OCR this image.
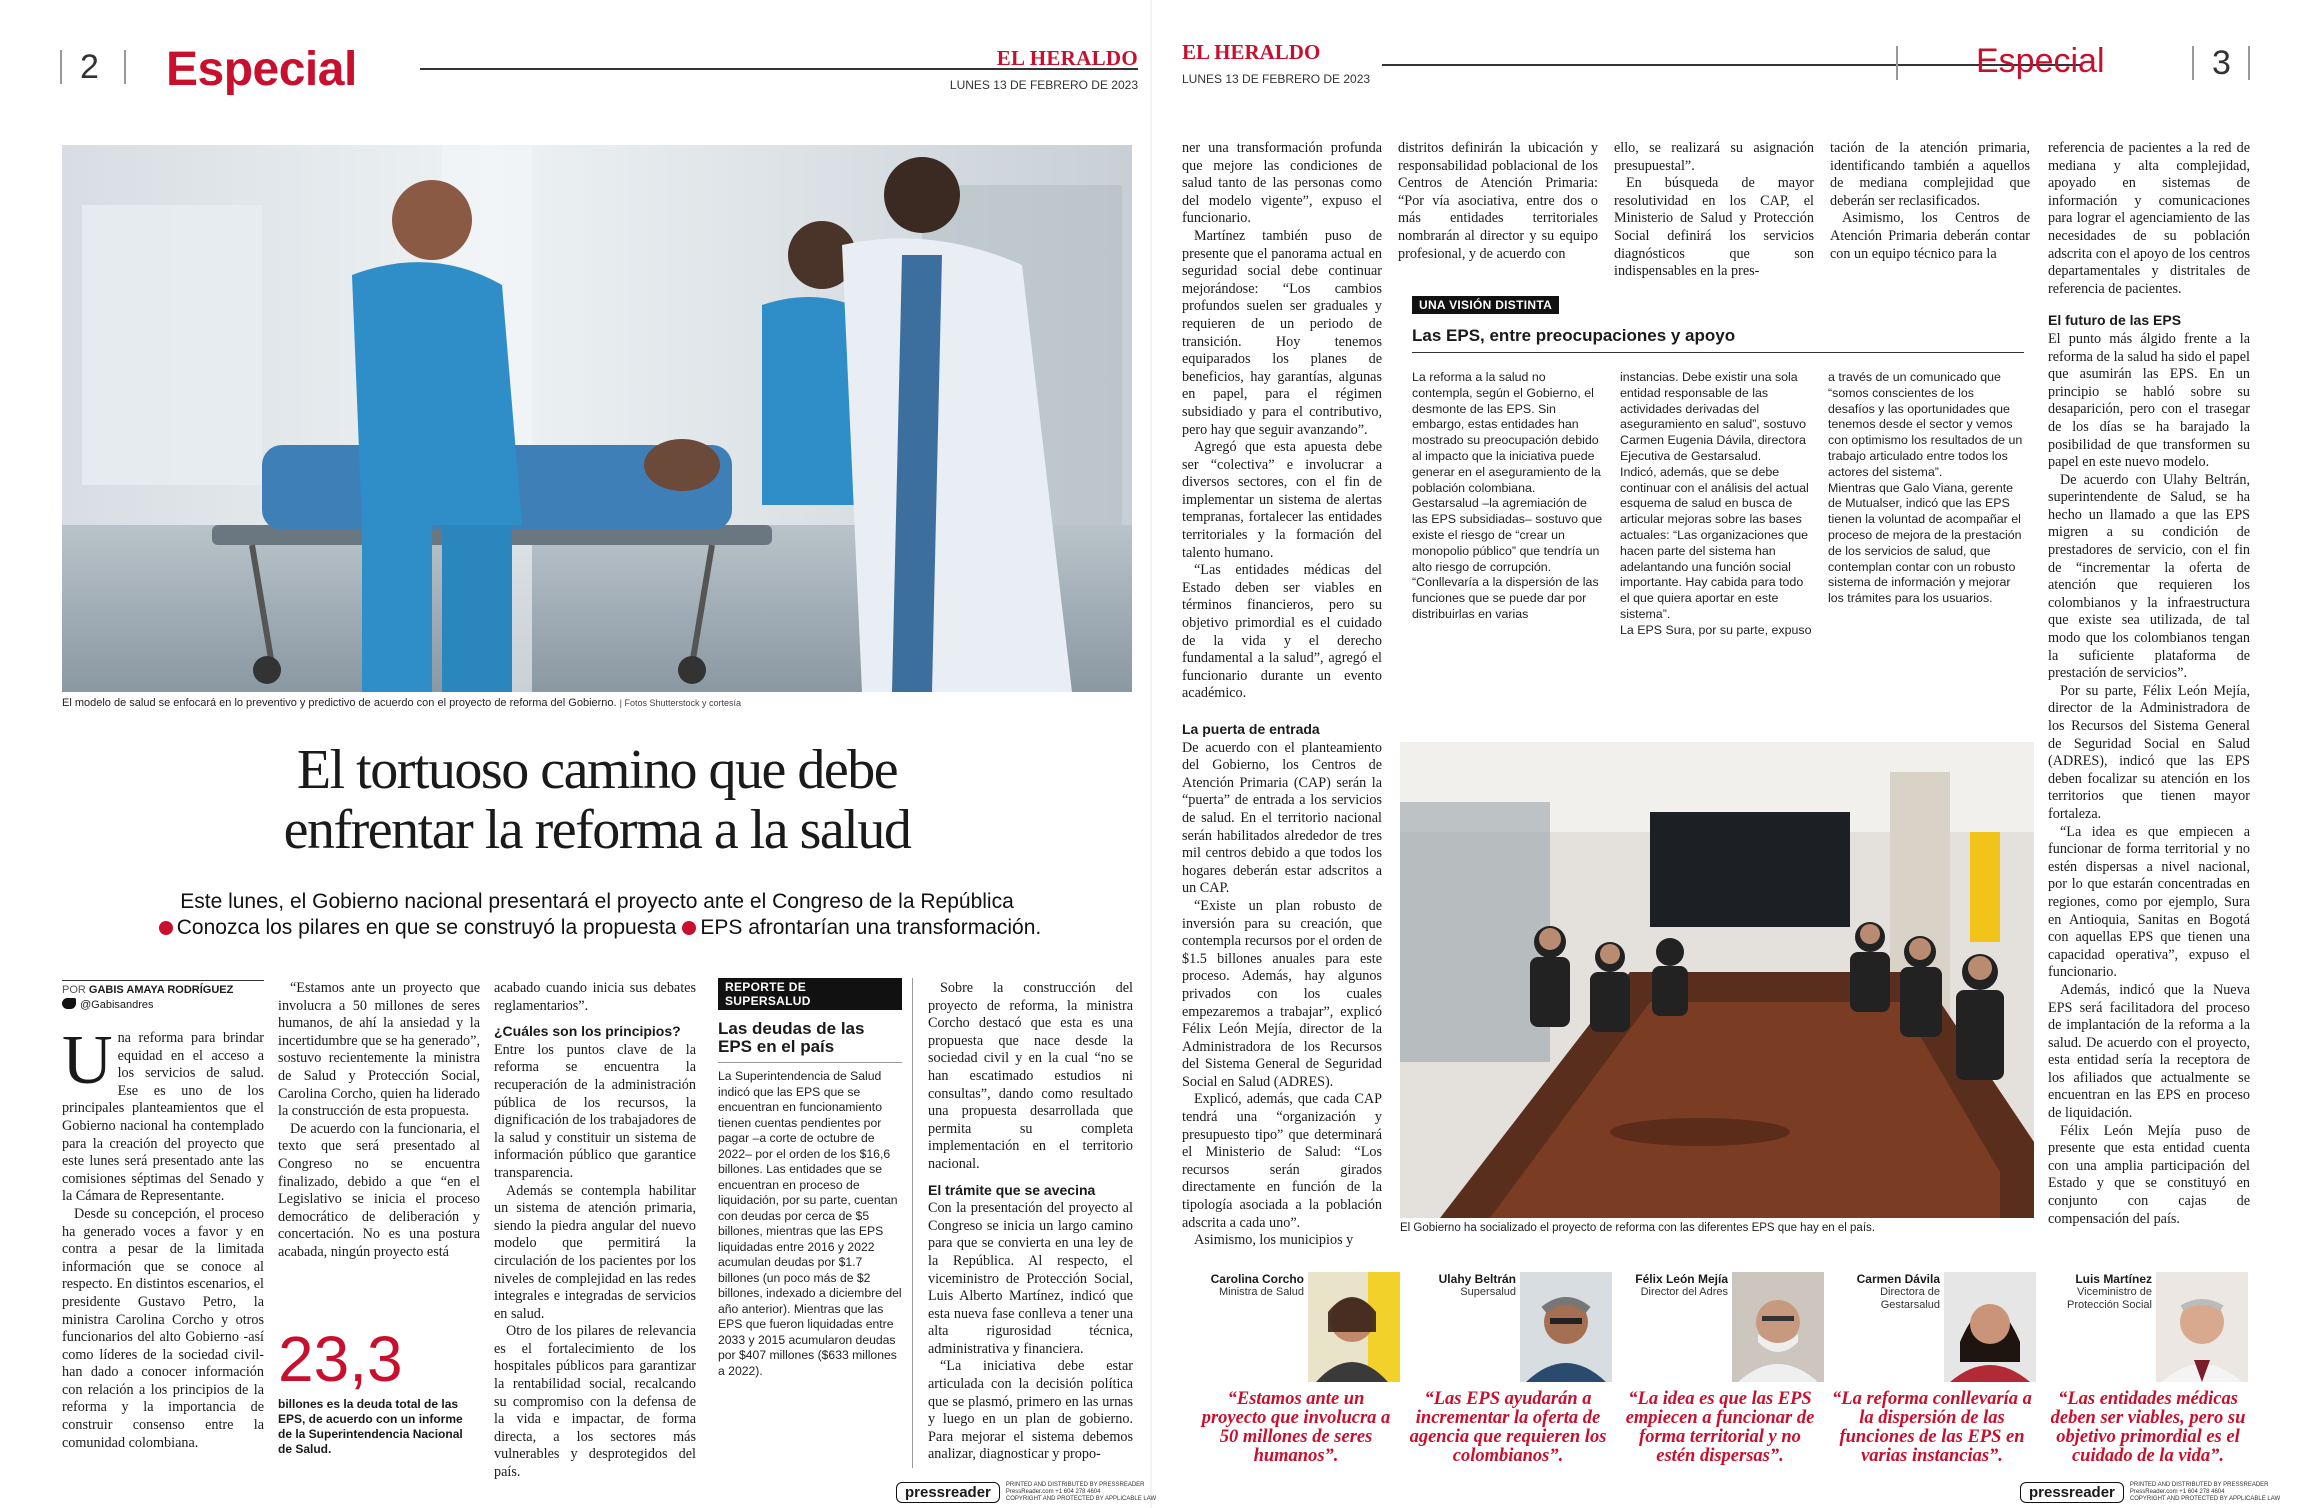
2 Especial	EL HERALDO
LUNES 13 DE FEBRERO DE 2023
El modelo de salud se enfocará en lo preventivo y predictivo de acuerdo con el proyecto de reforma del Gobierno. | Fotos Shutterstock y cortesía
El tortuoso camino que debe
enfrentar la reforma a la salud
Este lunes, el Gobierno nacional presentará el proyecto ante el Congreso de la República
Conozca los pilares en que se construyó la propuesta EPS afrontarían una transformación.
POR GABIS AMAYA RODRÍGUEZ
@Gabisandres

Una reforma para brindar equidad en el acceso a los servicios de salud. Ese es uno de los principales planteamientos que el Gobierno nacional ha contemplado para la creación del proyecto que este lunes será presentado ante las comisiones séptimas del Senado y la Cámara de Representante.

Desde su concepción, el proceso ha generado voces a favor y en contra a pesar de la limitada información que se conoce al respecto. En distintos escenarios, el presidente Gustavo Petro, la ministra Carolina Corcho y otros funcionarios del alto Gobierno -así como líderes de la sociedad civil- han dado a conocer información con relación a los principios de la reforma y la importancia de construir consenso entre la comunidad colombiana.

“Estamos ante un proyecto que involucra a 50 millones de seres humanos, de ahí la ansiedad y la incertidumbre que se ha generado”, sostuvo recientemente la ministra de Salud y Protección Social, Carolina Corcho, quien ha liderado la construcción de esta propuesta.

De acuerdo con la funcionaria, el texto que será presentado al Congreso no se encuentra finalizado, debido a que “en el Legislativo se inicia el proceso democrático de deliberación y concertación. No es una postura acabada, ningún proyecto está

23,3
billones es la deuda total de las EPS, de acuerdo con un informe de la Superintendencia Nacional de Salud.

acabado cuando inicia sus debates reglamentarios”.

¿Cuáles son los principios?

Entre los puntos clave de la reforma se encuentra la recuperación de la administración pública de los recursos, la dignificación de los trabajadores de la salud y constituir un sistema de información público que garantice transparencia.

Además se contempla habilitar un sistema de atención primaria, siendo la piedra angular del nuevo modelo que permitirá la circulación de los pacientes por los niveles de complejidad en las redes integrales e integradas de servicios en salud.

Otro de los pilares de relevancia es el fortalecimiento de los hospitales públicos para garantizar la rentabilidad social, recalcando su compromiso con la defensa de la vida e impactar, de forma directa, a los sectores más vulnerables y desprotegidos del país.

REPORTE DE SUPERSALUD
Las deudas de las EPS en el país
La Superintendencia de Salud indicó que las EPS que se encuentran en funcionamiento tienen cuentas pendientes por pagar –a corte de octubre de 2022– por el orden de los $16,6 billones. Las entidades que se encuentran en proceso de liquidación, por su parte, cuentan con deudas por cerca de $5 billones, mientras que las EPS liquidadas entre 2016 y 2022 acumulan deudas por $1.7 billones (un poco más de $2 billones, indexado a diciembre del año anterior). Mientras que las EPS que fueron liquidadas entre 2033 y 2015 acumularon deudas por $407 millones ($633 millones a 2022).

Sobre la construcción del proyecto de reforma, la ministra Corcho destacó que esta es una propuesta que nace desde la sociedad civil y en la cual “no se han escatimado estudios ni consultas”, dando como resultado una propuesta desarrollada que permita su completa implementación en el territorio nacional.

El trámite que se avecina

Con la presentación del proyecto al Congreso se inicia un largo camino para que se convierta en una ley de la República. Al respecto, el viceministro de Protección Social, Luis Alberto Martínez, indicó que esta nueva fase conlleva a tener una alta rigurosidad técnica, administrativa y financiera.

“La iniciativa debe estar articulada con la decisión política que se plasmó, primero en las urnas y luego en un plan de gobierno. Para mejorar el sistema debemos analizar, diagnosticar y propo-

pressreader	PRINTED AND DISTRIBUTED BY PRESSREADER
PressReader.com +1 604 278 4604
COPYRIGHT AND PROTECTED BY APPLICABLE LAW
EL HERALDO
LUNES 13 DE FEBRERO DE 2023	Especial	3

ner una transformación profunda que mejore las condiciones de salud tanto de las personas como del modelo vigente”, expuso el funcionario.

Martínez también puso de presente que el panorama actual en seguridad social debe continuar mejorándose: “Los cambios profundos suelen ser graduales y requieren de un periodo de transición. Hoy tenemos equiparados los planes de beneficios, hay garantías, algunas en papel, para el régimen subsidiado y para el contributivo, pero hay que seguir avanzando”.

Agregó que esta apuesta debe ser “colectiva” e involucrar a diversos sectores, con el fin de implementar un sistema de alertas tempranas, fortalecer las entidades territoriales y la formación del talento humano.

“Las entidades médicas del Estado deben ser viables en términos financieros, pero su objetivo primordial es el cuidado de la vida y el derecho fundamental a la salud”, agregó el funcionario durante un evento académico.

La puerta de entrada

De acuerdo con el planteamiento del Gobierno, los Centros de Atención Primaria (CAP) serán la “puerta” de entrada a los servicios de salud. En el territorio nacional serán habilitados alrededor de tres mil centros debido a que todos los hogares deberán estar adscritos a un CAP.

“Existe un plan robusto de inversión para su creación, que contempla recursos por el orden de $1.5 billones anuales para este proceso. Además, hay algunos privados con los cuales empezaremos a trabajar”, explicó Félix León Mejía, director de la Administradora de los Recursos del Sistema General de Seguridad Social en Salud (ADRES).

Explicó, además, que cada CAP tendrá una “organización y presupuesto tipo” que determinará el Ministerio de Salud: “Los recursos serán girados directamente en función de la tipología asociada a la población adscrita a cada uno”.

Asimismo, los municipios y

distritos definirán la ubicación y responsabilidad poblacional de los Centros de Atención Primaria: “Por vía asociativa, entre dos o más entidades territoriales nombrarán al director y su equipo profesional, y de acuerdo con

ello, se realizará su asignación presupuestal”.

En búsqueda de mayor resolutividad en los CAP, el Ministerio de Salud y Protección Social definirá los servicios diagnósticos que son indispensables en la pres-

tación de la atención primaria, identificando también a aquellos de mediana complejidad que deberán ser reclasificados.

Asimismo, los Centros de Atención Primaria deberán contar con un equipo técnico para la

referencia de pacientes a la red de mediana y alta complejidad, apoyado en sistemas de información y comunicaciones para lograr el agenciamiento de las necesidades de su población adscrita con el apoyo de los centros departamentales y distritales de referencia de pacientes.

El futuro de las EPS

El punto más álgido frente a la reforma de la salud ha sido el papel que asumirán las EPS. En un principio se habló sobre su desaparición, pero con el trasegar de los días se ha barajado la posibilidad de que transformen su papel en este nuevo modelo.

De acuerdo con Ulahy Beltrán, superintendente de Salud, se ha hecho un llamado a que las EPS migren a su condición de prestadores de servicio, con el fin de “incrementar la oferta de atención que requieren los colombianos y la infraestructura que existe sea utilizada, de tal modo que los colombianos tengan la suficiente plataforma de prestación de servicios”.

Por su parte, Félix León Mejía, director de la Administradora de los Recursos del Sistema General de Seguridad Social en Salud (ADRES), indicó que las EPS deben focalizar su atención en los territorios que tienen mayor fortaleza.

“La idea es que empiecen a funcionar de forma territorial y no estén dispersas a nivel nacional, por lo que estarán concentradas en regiones, como por ejemplo, Sura en Antioquia, Sanitas en Bogotá con aquellas EPS que tienen una capacidad operativa”, expuso el funcionario.

Además, indicó que la Nueva EPS será facilitadora del proceso de implantación de la reforma a la salud. De acuerdo con el proyecto, esta entidad sería la receptora de los afiliados que actualmente se encuentran en las EPS en proceso de liquidación.

Félix León Mejía puso de presente que esta entidad cuenta con una amplia participación del Estado y que se constituyó en conjunto con cajas de compensación del país.

UNA VISIÓN DISTINTA
Las EPS, entre preocupaciones y apoyo
La reforma a la salud no contempla, según el Gobierno, el desmonte de las EPS. Sin embargo, estas entidades han mostrado su preocupación debido al impacto que la iniciativa puede generar en el aseguramiento de la población colombiana.
Gestarsalud –la agremiación de las EPS subsidiadas– sostuvo que existe el riesgo de “crear un monopolio público” que tendría un alto riesgo de corrupción.
“Conllevaría a la dispersión de las funciones que se puede dar por distribuirlas en varias
instancias. Debe existir una sola entidad responsable de las actividades derivadas del aseguramiento en salud”, sostuvo Carmen Eugenia Dávila, directora Ejecutiva de Gestarsalud.
Indicó, además, que se debe continuar con el análisis del actual esquema de salud en busca de articular mejoras sobre las bases actuales: “Las organizaciones que hacen parte del sistema han adelantando una función social importante. Hay cabida para todo el que quiera aportar en este sistema”.
La EPS Sura, por su parte, expuso
a través de un comunicado que “somos conscientes de los desafíos y las oportunidades que tenemos desde el sector y vemos con optimismo los resultados de un trabajo articulado entre todos los actores del sistema”.
Mientras que Galo Viana, gerente de Mutualser, indicó que las EPS tienen la voluntad de acompañar el proceso de mejora de la prestación de los servicios de salud, que contemplan contar con un robusto sistema de información y mejorar los trámites para los usuarios.
El Gobierno ha socializado el proyecto de reforma con las diferentes EPS que hay en el país.
Carolina Corcho
Ministra de Salud
Ulahy Beltrán
Supersalud
Félix León Mejía
Director del Adres
Carmen Dávila
Directora de Gestarsalud
Luis Martínez
Viceministro de Protección Social
“Estamos ante un proyecto que involucra a 50 millones de seres humanos”.
“Las EPS ayudarán a incrementar la oferta de agencia que requieren los colombianos”.
“La idea es que las EPS empiecen a funcionar de forma territorial y no estén dispersas”.
“La reforma conllevaría a la dispersión de las funciones de las EPS en varias instancias”.
“Las entidades médicas deben ser viables, pero su objetivo primordial es el cuidado de la vida”.
pressreader	PRINTED AND DISTRIBUTED BY PRESSREADER
PressReader.com +1 604 278 4604
COPYRIGHT AND PROTECTED BY APPLICABLE LAW
